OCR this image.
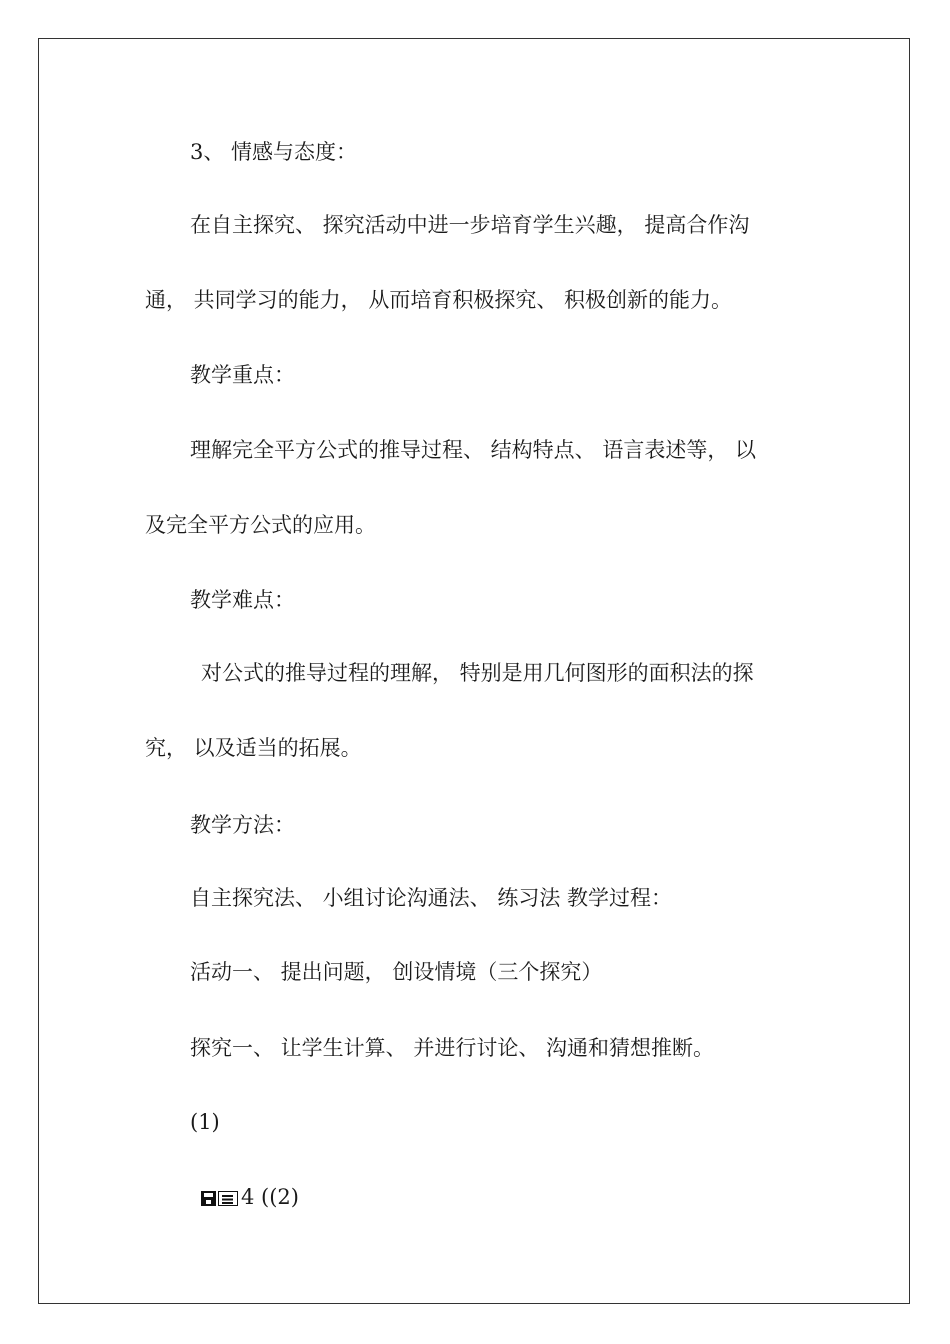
3、 情感与态度：
在自主探究、 探究活动中进一步培育学生兴趣， 提高合作沟
通， 共同学习的能力， 从而培育积极探究、 积极创新的能力。
教学重点：
理解完全平方公式的推导过程、 结构特点、 语言表述等， 以
及完全平方公式的应用。
教学难点：
对公式的推导过程的理解， 特别是用几何图形的面积法的探
究， 以及适当的拓展。
教学方法：
自主探究法、 小组讨论沟通法、 练习法 教学过程：
活动一、 提出问题， 创设情境（三个探究）
探究一、 让学生计算、 并进行讨论、 沟通和猜想推断。
(1)
4 ((2)
